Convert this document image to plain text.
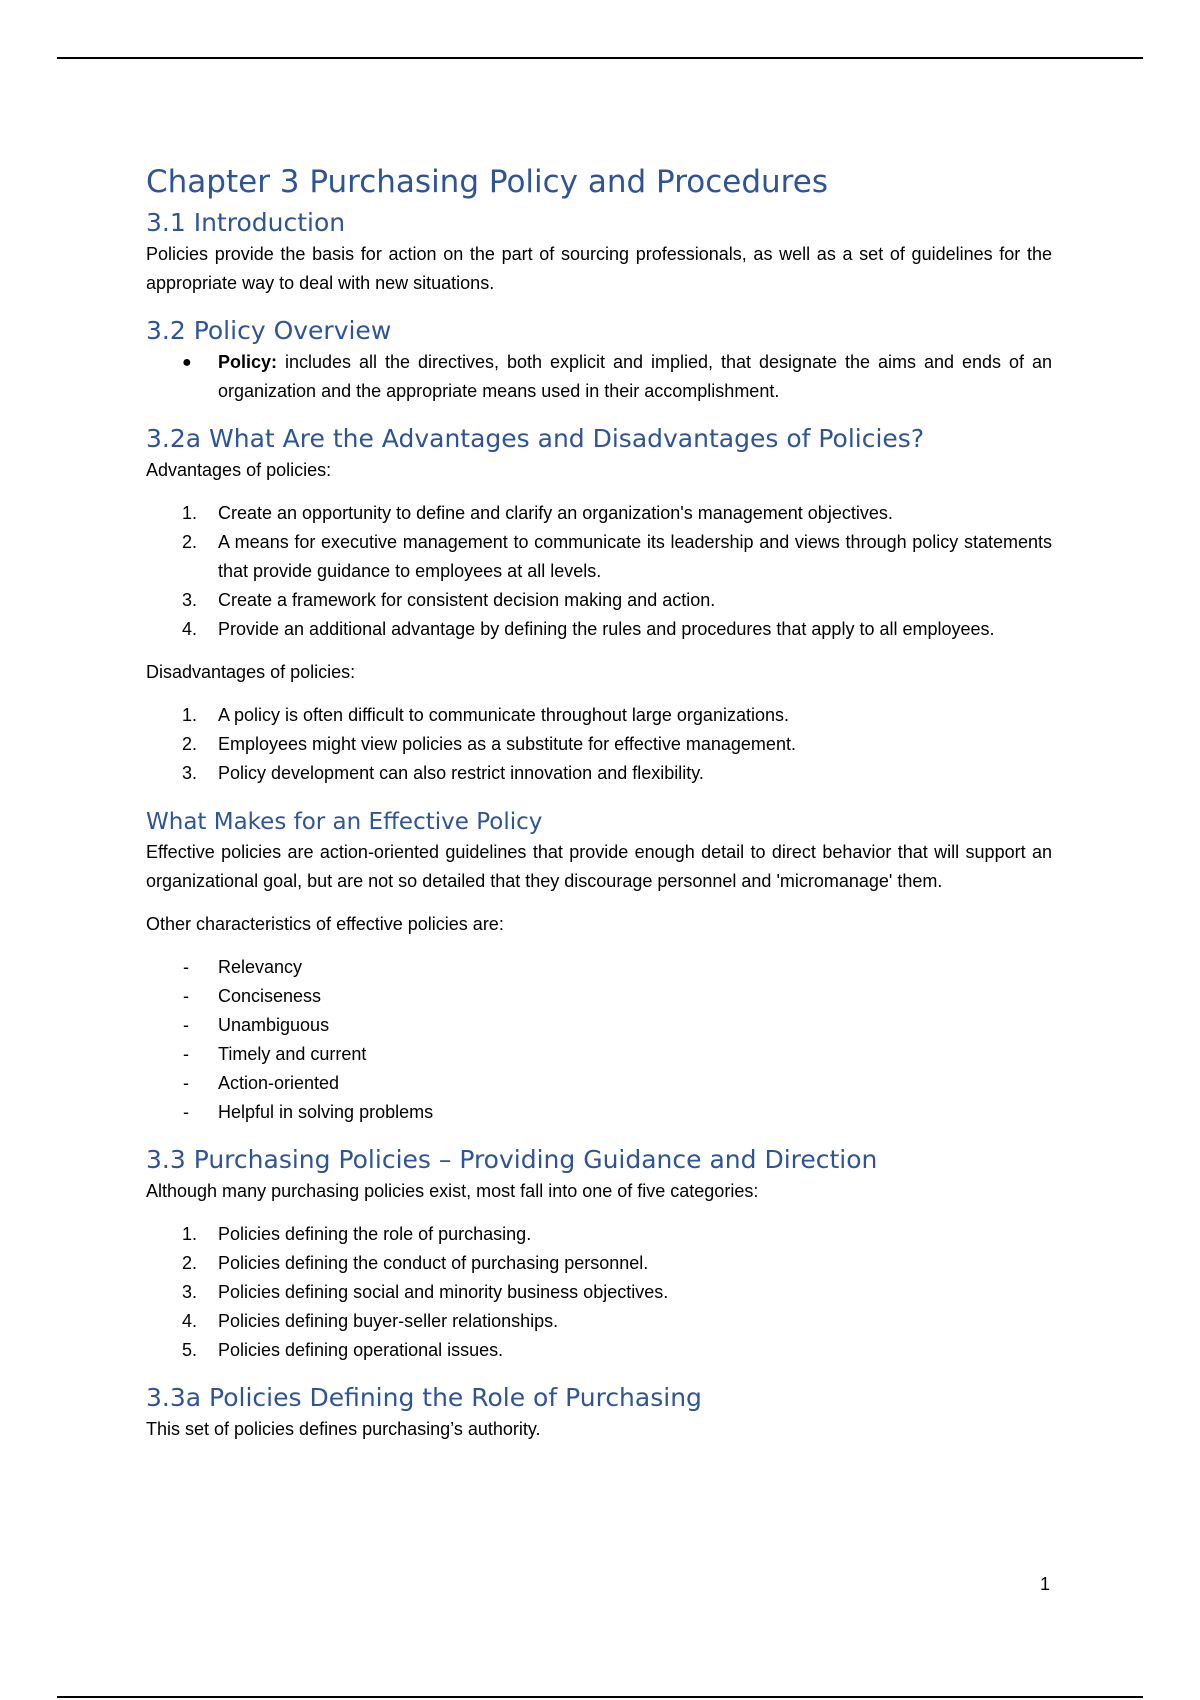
Chapter 3 Purchasing Policy and Procedures
3.1 Introduction

Policies provide the basis for action on the part of sourcing professionals, as well as a set of guidelines for the appropriate way to deal with new situations.

3.2 Policy Overview
●	Policy: includes all the directives, both explicit and implied, that designate the aims and ends of an organization and the appropriate means used in their accomplishment.
3.2a What Are the Advantages and Disadvantages of Policies?

Advantages of policies:

1.	Create an opportunity to define and clarify an organization's management objectives.
2.	A means for executive management to communicate its leadership and views through policy statements that provide guidance to employees at all levels.
3.	Create a framework for consistent decision making and action.
4.	Provide an additional advantage by defining the rules and procedures that apply to all employees.

Disadvantages of policies:

1.	A policy is often difficult to communicate throughout large organizations.
2.	Employees might view policies as a substitute for effective management.
3.	Policy development can also restrict innovation and flexibility.
What Makes for an Effective Policy

Effective policies are action-oriented guidelines that provide enough detail to direct behavior that will support an organizational goal, but are not so detailed that they discourage personnel and 'micromanage' them.

Other characteristics of effective policies are:

-	Relevancy
-	Conciseness
-	Unambiguous
-	Timely and current
-	Action-oriented
-	Helpful in solving problems
3.3 Purchasing Policies – Providing Guidance and Direction

Although many purchasing policies exist, most fall into one of five categories:

1.	Policies defining the role of purchasing.
2.	Policies defining the conduct of purchasing personnel.
3.	Policies defining social and minority business objectives.
4.	Policies defining buyer-seller relationships.
5.	Policies defining operational issues.
3.3a Policies Defining the Role of Purchasing

This set of policies defines purchasing’s authority.

1
